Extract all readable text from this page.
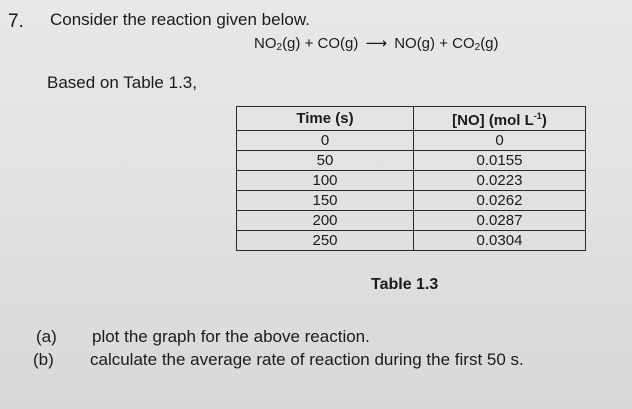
7. Consider the reaction given below.
$NO_2(g) + CO(g)$ ⟶ $NO(g) + CO_2(g)$
Based on Table 1.3,
Time (s)	[NO] (mol $L^{-1}$)
0	0
50	0.0155
100	0.0223
150	0.0262
200	0.0287
250	0.0304
Table 1.3
(a) plot the graph for the above reaction.
(b) calculate the average rate of reaction during the first 50 s.
